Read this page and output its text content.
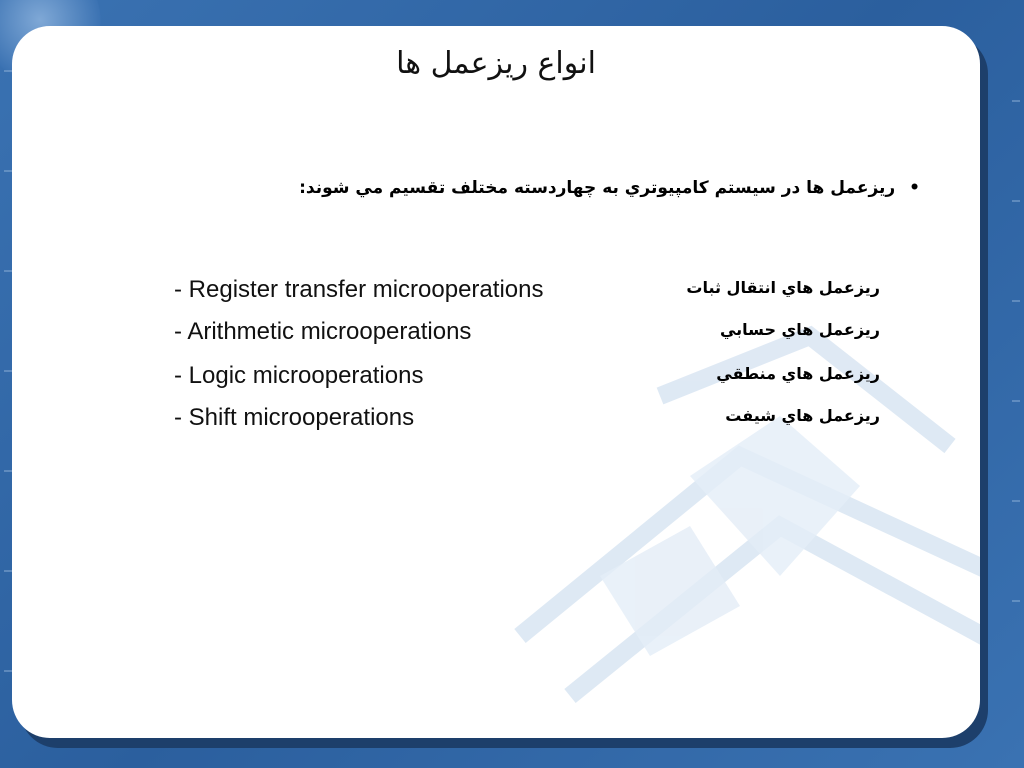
انواع ريزعمل ها
• ريزعمل ها در سيستم كامپيوتري به چهاردسته مختلف تقسيم مي شوند:
- Register transfer microoperations	ريزعمل هاي انتقال ثبات
- Arithmetic microoperations	ريزعمل هاي حسابي
- Logic microoperations	ريزعمل هاي منطقي
- Shift microoperations	ريزعمل هاي شيفت
